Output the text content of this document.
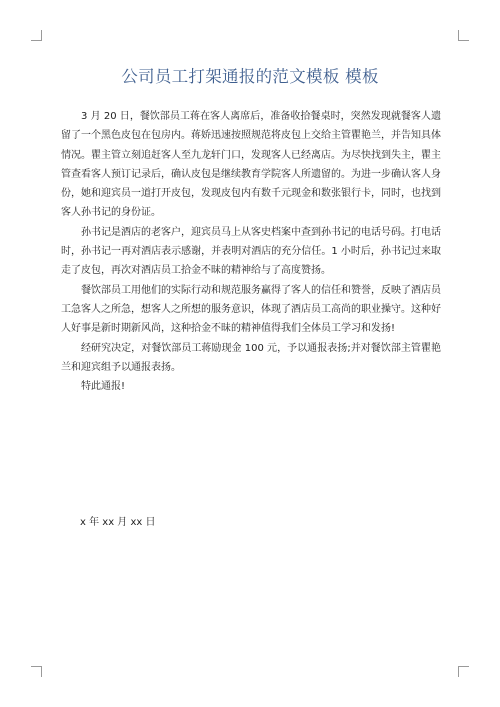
公司员工打架通报的范文模板 模板

3 月 20 日，餐饮部员工蒋在客人离席后，准备收拾餐桌时，突然发现就餐客人遗留了一个黑色皮包在包房内。蒋娇迅速按照规范将皮包上交给主管瞿艳兰，并告知具体情况。瞿主管立刻追赶客人至九龙轩门口，发现客人已经离店。为尽快找到失主，瞿主管查看客人预订记录后，确认皮包是继续教育学院客人所遗留的。为进一步确认客人身份，她和迎宾员一道打开皮包，发现皮包内有数千元现金和数张银行卡，同时，也找到客人孙书记的身份证。

孙书记是酒店的老客户，迎宾员马上从客史档案中查到孙书记的电话号码。打电话时，孙书记一再对酒店表示感谢，并表明对酒店的充分信任。1 小时后，孙书记过来取走了皮包，再次对酒店员工拾金不昧的精神给与了高度赞扬。

餐饮部员工用他们的实际行动和规范服务赢得了客人的信任和赞誉，反映了酒店员工急客人之所急，想客人之所想的服务意识，体现了酒店员工高尚的职业操守。这种好人好事是新时期新风尚，这种拾金不昧的精神值得我们全体员工学习和发扬!

经研究决定，对餐饮部员工蒋励现金 100 元，予以通报表扬;并对餐饮部主管瞿艳兰和迎宾组予以通报表扬。

特此通报!

x 年 xx 月 xx 日
